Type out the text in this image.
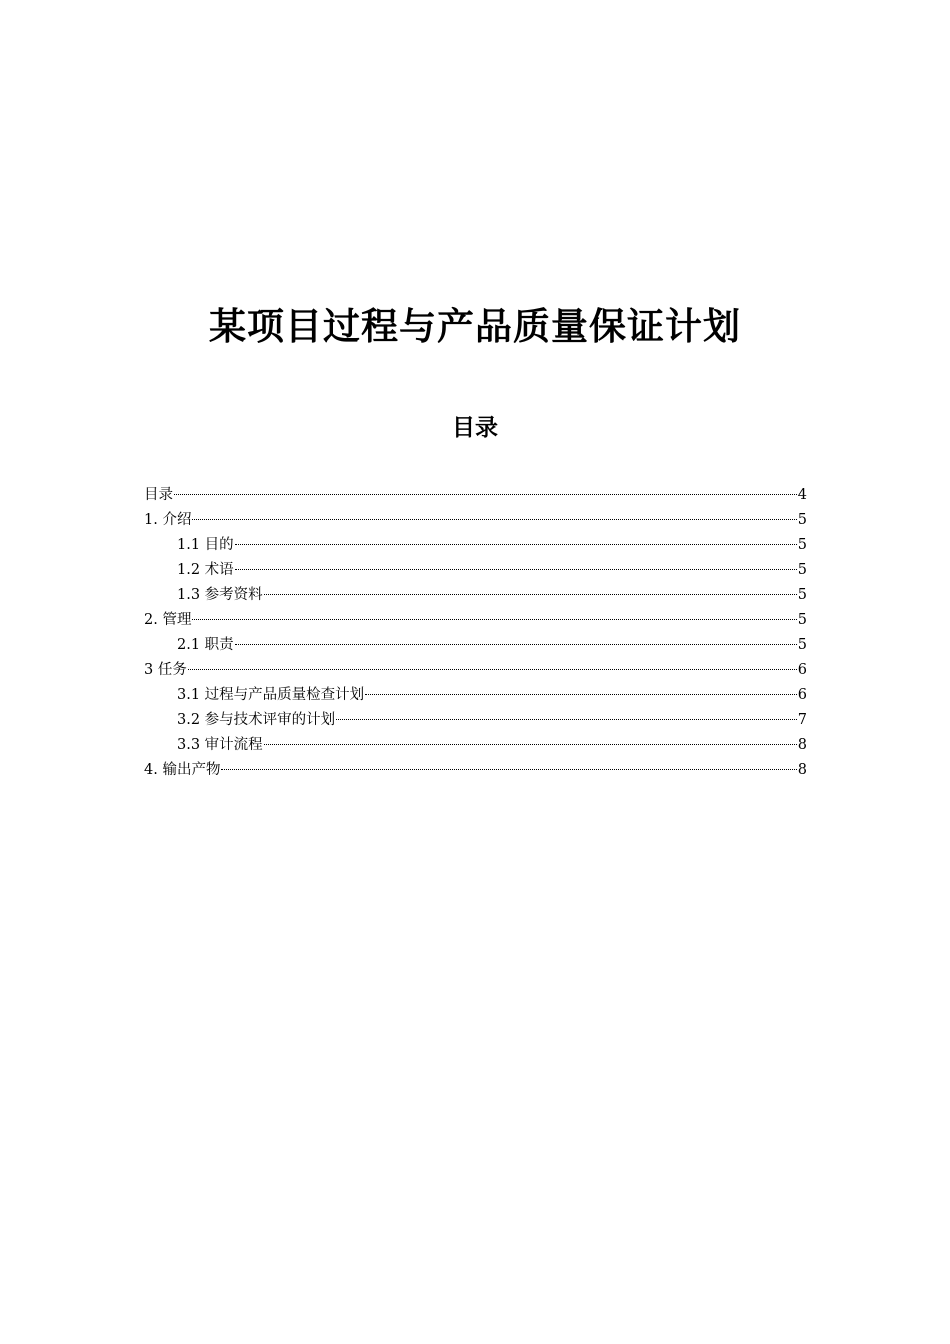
某项目过程与产品质量保证计划
目录
目录	4
1. 介绍	5
1.1 目的	5
1.2 术语	5
1.3 参考资料	5
2. 管理	5
2.1 职责	5
3 任务	6
3.1 过程与产品质量检查计划	6
3.2 参与技术评审的计划	7
3.3 审计流程	8
4. 输出产物	8
